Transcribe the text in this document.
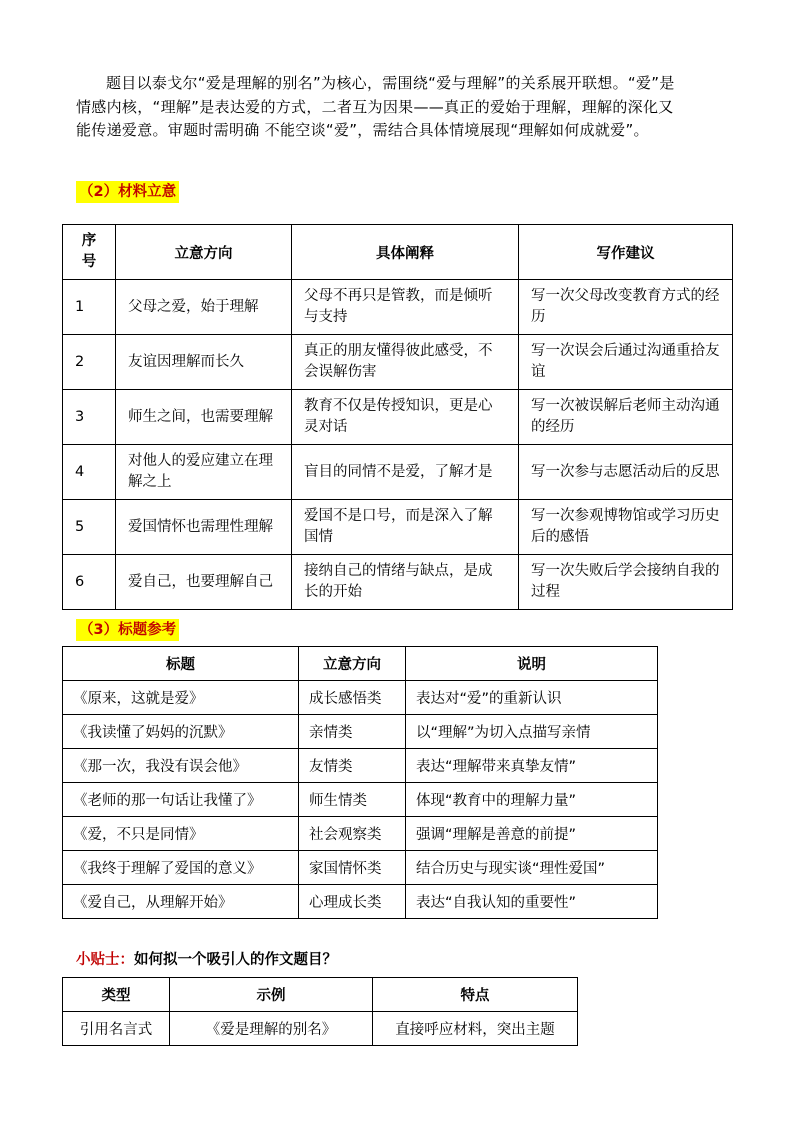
题目以泰戈尔“爱是理解的别名”为核心，需围绕“爱与理解”的关系展开联想。“爱”是情感内核，“理解”是表达爱的方式，二者互为因果——真正的爱始于理解，理解的深化又能传递爱意。审题时需明确 不能空谈“爱”，需结合具体情境展现“理解如何成就爱”。

（2）材料立意
序号	立意方向	具体阐释	写作建议
1	父母之爱，始于理解	父母不再只是管教，而是倾听与支持	写一次父母改变教育方式的经历
2	友谊因理解而长久	真正的朋友懂得彼此感受，不会误解伤害	写一次误会后通过沟通重拾友谊
3	师生之间，也需要理解	教育不仅是传授知识，更是心灵对话	写一次被误解后老师主动沟通的经历
4	对他人的爱应建立在理解之上	盲目的同情不是爱，了解才是	写一次参与志愿活动后的反思
5	爱国情怀也需理性理解	爱国不是口号，而是深入了解国情	写一次参观博物馆或学习历史后的感悟
6	爱自己，也要理解自己	接纳自己的情绪与缺点，是成长的开始	写一次失败后学会接纳自我的过程
（3）标题参考
标题	立意方向	说明
《原来，这就是爱》	成长感悟类	表达对“爱”的重新认识
《我读懂了妈妈的沉默》	亲情类	以“理解”为切入点描写亲情
《那一次，我没有误会他》	友情类	表达“理解带来真挚友情”
《老师的那一句话让我懂了》	师生情类	体现“教育中的理解力量”
《爱，不只是同情》	社会观察类	强调“理解是善意的前提”
《我终于理解了爱国的意义》	家国情怀类	结合历史与现实谈“理性爱国”
《爱自己，从理解开始》	心理成长类	表达“自我认知的重要性”
小贴士：如何拟一个吸引人的作文题目？
类型	示例	特点
引用名言式	《爱是理解的别名》	直接呼应材料，突出主题
